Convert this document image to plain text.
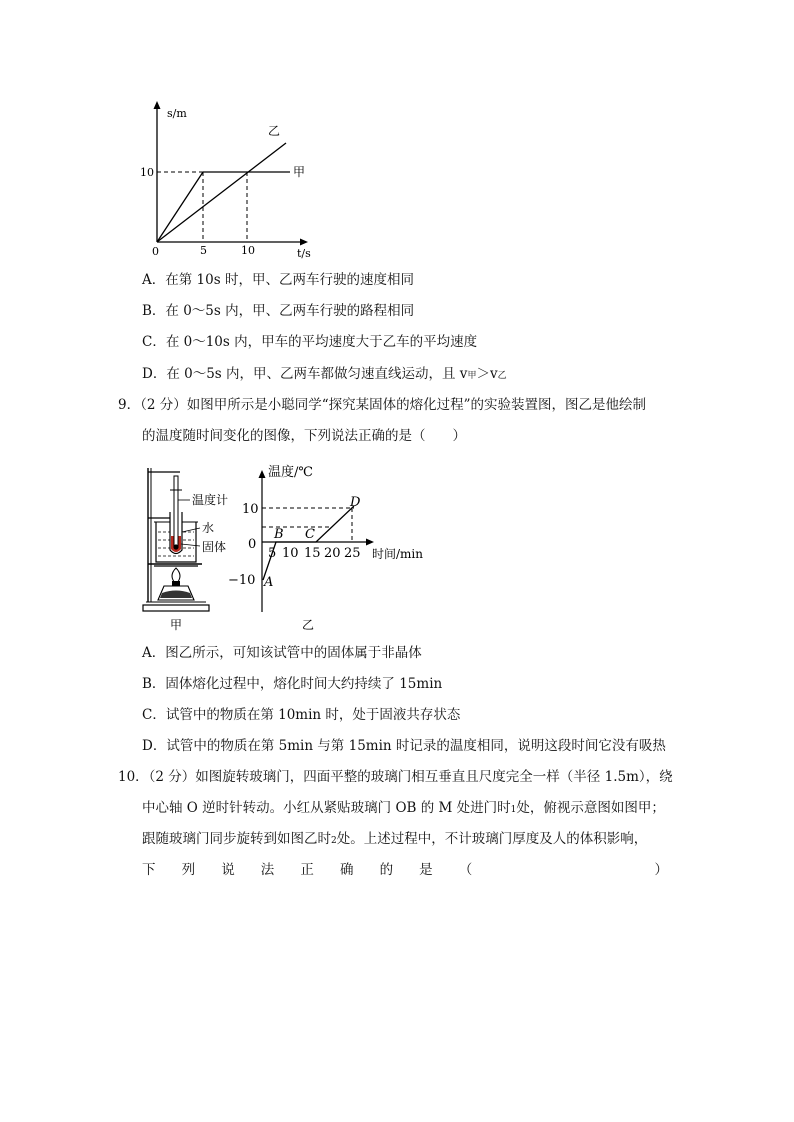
s/m
t/s
0
10
5	10
甲
乙
A．在第 10s 时，甲、乙两车行驶的速度相同
B．在 0～5s 内，甲、乙两车行驶的路程相同
C．在 0～10s 内，甲车的平均速度大于乙车的平均速度
D．在 0～5s 内，甲、乙两车都做匀速直线运动，且 v甲＞v乙
9．（2 分）如图甲所示是小聪同学“探究某固体的熔化过程”的实验装置图，图乙是他绘制
的温度随时间变化的图像，下列说法正确的是（　　）
温度计
水
固体
甲
A
B C
D
10
0
−10
5 10 15 20 25
温度/℃
时间/min
乙
A．图乙所示，可知该试管中的固体属于非晶体
B．固体熔化过程中，熔化时间大约持续了 15min
C．试管中的物质在第 10min 时，处于固液共存状态
D．试管中的物质在第 5min 与第 15min 时记录的温度相同，说明这段时间它没有吸热
10．（2 分）如图旋转玻璃门，四面平整的玻璃门相互垂直且尺度完全一样（半径 1.5m），绕
中心轴 O 逆时针转动。小红从紧贴玻璃门 OB 的 M 处进门时1处，俯视示意图如图甲；
跟随玻璃门同步旋转到如图乙时2处。上述过程中，不计玻璃门厚度及人的体积影响，
下 列 说 法 正 确 的 是 （	）
